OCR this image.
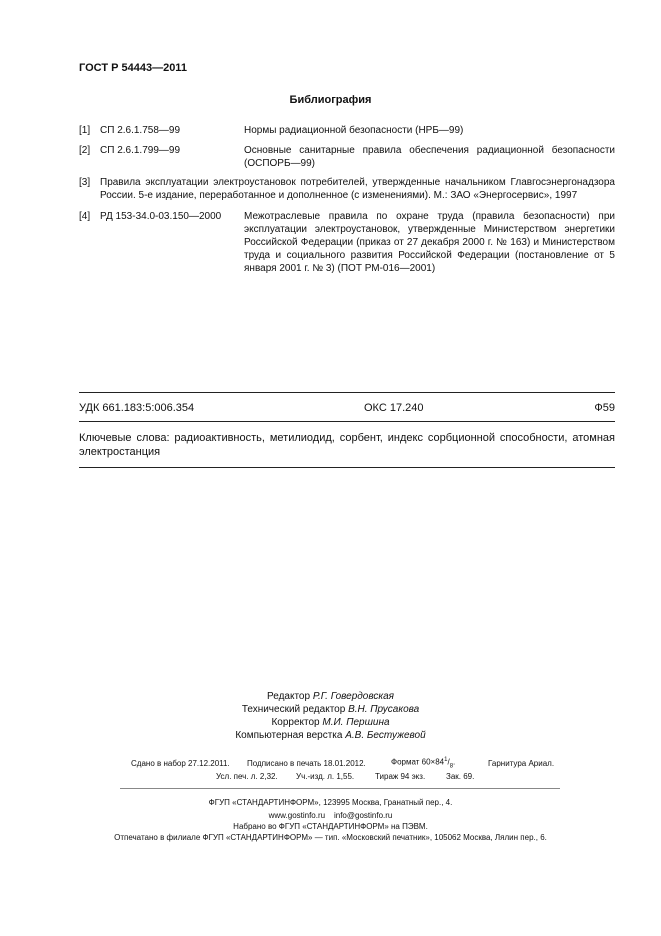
ГОСТ Р 54443—2011
Библиография
[1] СП 2.6.1.758—99	Нормы радиационной безопасности (НРБ—99)
[2] СП 2.6.1.799—99	Основные санитарные правила обеспечения радиационной безопасности (ОСПОРБ—99)
[3] Правила эксплуатации электроустановок потребителей, утвержденные начальником Главгосэнергонадзора России. 5-е издание, переработанное и дополненное (с изменениями). М.: ЗАО «Энергосервис», 1997
[4] РД 153-34.0-03.150—2000 Межотраслевые правила по охране труда (правила безопасности) при эксплуатации электроустановок, утвержденные Министерством энергетики Российской Федерации (приказ от 27 декабря 2000 г. № 163) и Министерством труда и социального развития Российской Федерации (постановление от 5 января 2001 г. № 3) (ПОТ РМ-016—2001)
УДК 661.183:5:006.354	ОКС 17.240	Ф59
Ключевые слова: радиоактивность, метилиодид, сорбент, индекс сорбционной способности, атомная электростанция
Редактор Р.Г. Говердовская
Технический редактор В.Н. Прусакова
Корректор М.И. Першина
Компьютерная верстка А.В. Бестужевой
Сдано в набор 27.12.2011. Подписано в печать 18.01.2012.	Формат $60\times 84^1/_8$.	Гарнитура Ариал.
Усл. печ. л. 2,32. Уч.-изд. л. 1,55.	Тираж 94 экз.	Зак. 69.
ФГУП «СТАНДАРТИНФОРМ», 123995 Москва, Гранатный пер., 4.
www.gostinfo.ru info@gostinfo.ru
Набрано во ФГУП «СТАНДАРТИНФОРМ» на ПЭВМ.
Отпечатано в филиале ФГУП «СТАНДАРТИНФОРМ» — тип. «Московский печатник», 105062 Москва, Лялин пер., 6.
